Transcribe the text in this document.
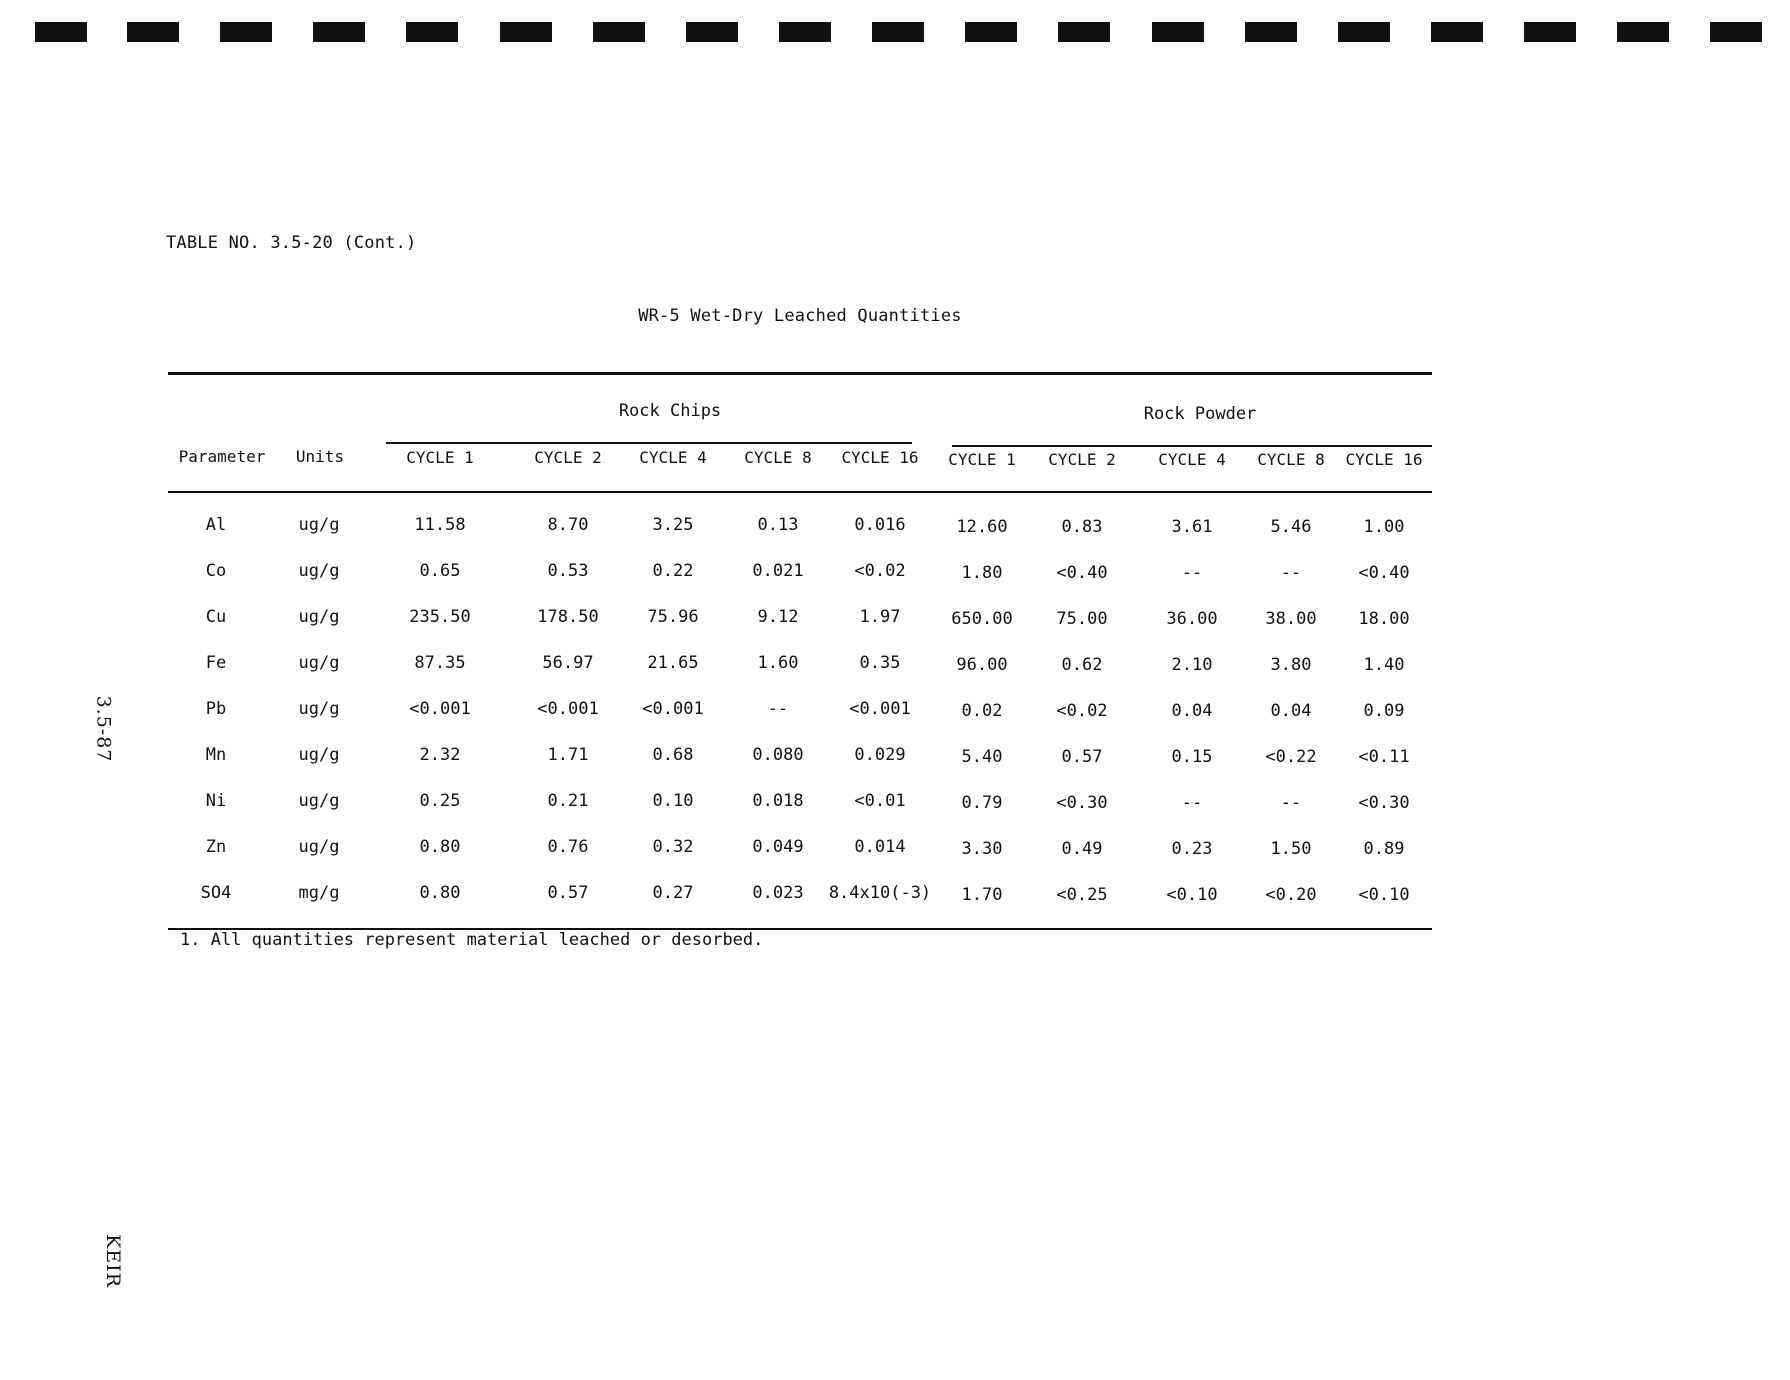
TABLE NO. 3.5-20 (Cont.)
WR-5 Wet-Dry Leached Quantities
Rock Chips	Rock Powder
Parameter	Units	CYCLE 1	CYCLE 2	CYCLE 4	CYCLE 8	CYCLE 16	CYCLE 1	CYCLE 2	CYCLE 4	CYCLE 8	CYCLE 16
Al	ug/g	11.58	8.70	3.25	0.13	0.016	12.60	0.83	3.61	5.46	1.00
Co	ug/g	0.65	0.53	0.22	0.021	<0.02	1.80	<0.40	--	--	<0.40
Cu	ug/g	235.50	178.50	75.96	9.12	1.97	650.00	75.00	36.00	38.00	18.00
Fe	ug/g	87.35	56.97	21.65	1.60	0.35	96.00	0.62	2.10	3.80	1.40
Pb	ug/g	<0.001	<0.001	<0.001	--	<0.001	0.02	<0.02	0.04	0.04	0.09
Mn	ug/g	2.32	1.71	0.68	0.080	0.029	5.40	0.57	0.15	<0.22	<0.11
Ni	ug/g	0.25	0.21	0.10	0.018	<0.01	0.79	<0.30	--	--	<0.30
Zn	ug/g	0.80	0.76	0.32	0.049	0.014	3.30	0.49	0.23	1.50	0.89
SO4	mg/g	0.80	0.57	0.27	0.023	8.4x10(-3)	1.70	<0.25	<0.10	<0.20	<0.10
1. All quantities represent material leached or desorbed.
3.5-87
KEIR
